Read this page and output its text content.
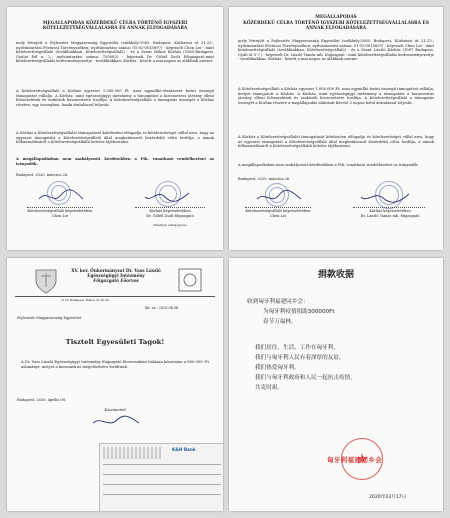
MEGÁLLAPODÁS KÖZÉRDEKŰ CÉLRA TÖRTÉNŐ IGYSZERI KÖTELEZETTSÉGVÁLLALÁSRA ÉS ANNAK ELFOGADÁSÁRA
mely létrejött a Fejlesztés Magyarország Egyesület (székhely:1065. Budapest, Körhatszi út 21-23.; nyilvántartási Fővárosi Törvényszéken; nyilvántartási száma: 01-02-0015697) - képviseli Chen Lei - mint kötelezettségvállaló (továbbiakban: Kötelezettségvállaló) - és a Szent Rókus Kórház (1085.Budapest, Gyulai Pál u. 2.; nyilvántartási száma: 750082) - képviseli Dr. Göbél Zsolt Főigazgató,mint kötelezettségvállalás kedvezményezettje - továbbiakban: Kórház - között a mai napon az alábbiak szerint:
A Kötelezettségvállaló a Kórház egyszeri 1.500.000 Ft, azaz egymillió-ötszázezer forint összegű támogatást vállalja. A Kórház, mint egészségügyi intézmény a támogatást a koronavírus járvány elleni felszerelések és eszközök beszerzésére fordítja. A Kötelezettségvállaló a támogatás összegét a Kórház részére, egy összegben, banki átutalással teljesíti.
A Kórház a Kötelezettségvállalói támogatását kötelezően elfogadja és kötelezettséget vállal arra, hogy az egyszeri támogatást a Kötelezettségvállaló által meghatározott közérdekű célra fordítja, a annak felhasználásáról a Kötelezettségvállalót köteles tájékoztatni.
A megállapodásban nem szabályozott kérdésekben a Ptk. vonatkozó rendelkezései az irányadók.
Budapest, 2020. március 26.
Kötelezettségvállaló képviseletében
Chen Lei
Kórház képviseletében
Dr. Göbél Zsolt főigazgató
Pénzügyi ellenjegyzés
MEGÁLLAPODÁS
KÖZÉRDEKŰ CÉLRA TÖRTÉNŐ IGYSZERI KÖTELEZETTSÉGVÁLLALÁSRA ÉS ANNAK ELFOGADÁSÁRA
mely létrejött a Fejlesztés Magyarország Egyesület (székhely:1065. Budapest, Körhatszi út 21-23.; nyilvántartási Fővárosi Törvényszéken; nyilvántartási száma: 01-02-0015697) - képviseli Chen Lei - mint kötelezettségvállaló (továbbiakban: Kötelezettségvállaló) - és a Szent László Kórház (1097 Budapest, Gyáli út 5-7.) - képviseli Dr. László Tamás mb. főigazgató - mint kötelezettségvállalás kedvezményezettje - továbbiakban: Kórház - között a mai napon az alábbiak szerint:
A Kötelezettségvállaló a Kórház egyszeri 1.000.000 Ft, azaz egymillió forint összegű támogatást vállalja, melyet támogatott a Kórház. A Kórház, mint egészségügyi intézmény a támogatást a koronavírus járvány elleni felszerelések és eszközök beszerzésére fordítja. A Kötelezettségvállaló a támogatás összegét a Kórház részére a megállapodás aláírását követő 3 napon belül átutalással teljesíti.
A Kórház a Kötelezettségvállalói támogatását kötelezően elfogadja és kötelezettséget vállal arra, hogy az egyszeri támogatást a Kötelezettségvállaló által meghatározott közérdekű célra fordítja, a annak felhasználásáról a Kötelezettségvállalót köteles tájékoztatni.
A megállapodásban nem szabályozott kérdésekben a Ptk. vonatkozó rendelkezései az irányadók.
Budapest, 2020. március 26.
Kötelezettségvállaló képviseletében
Chen Lei
Kórház képviseletében
Dr. László Tamás mb. főigazgató
XV. ker. Önkormányzat Dr. Vass László
Egészségügyi Intézmény
Főigazgató Főorvos
1152 Budapest, Rákos út 20-26.
Ikt. sz.: 2020.04.08.
Fejlesztés Magyarország Egyesület
Tisztelt Egyesületi Tagok!
A Dr. Vass László Egészségügyi Intézmény főigazgató főorvosaként hálásan köszönöm a 800.000.-Ft adományt, melyet a koronavírus megelőzésére fordítunk.
Budapest, 2020. április 08.
Köszönettel
K&H Bank
捐款收据
收到匈牙利福建同乡会：
为匈牙利疫情捐助300000Ft
春节万福林。
我们居住、生活、工作在匈牙利，
我们与匈牙利人民有着深厚的友谊，
我们热爱匈牙利，
我们与匈牙利政府和人民一起抗击疫情，
共克时艰。
匈牙利福建同乡会
2020年03月17日
